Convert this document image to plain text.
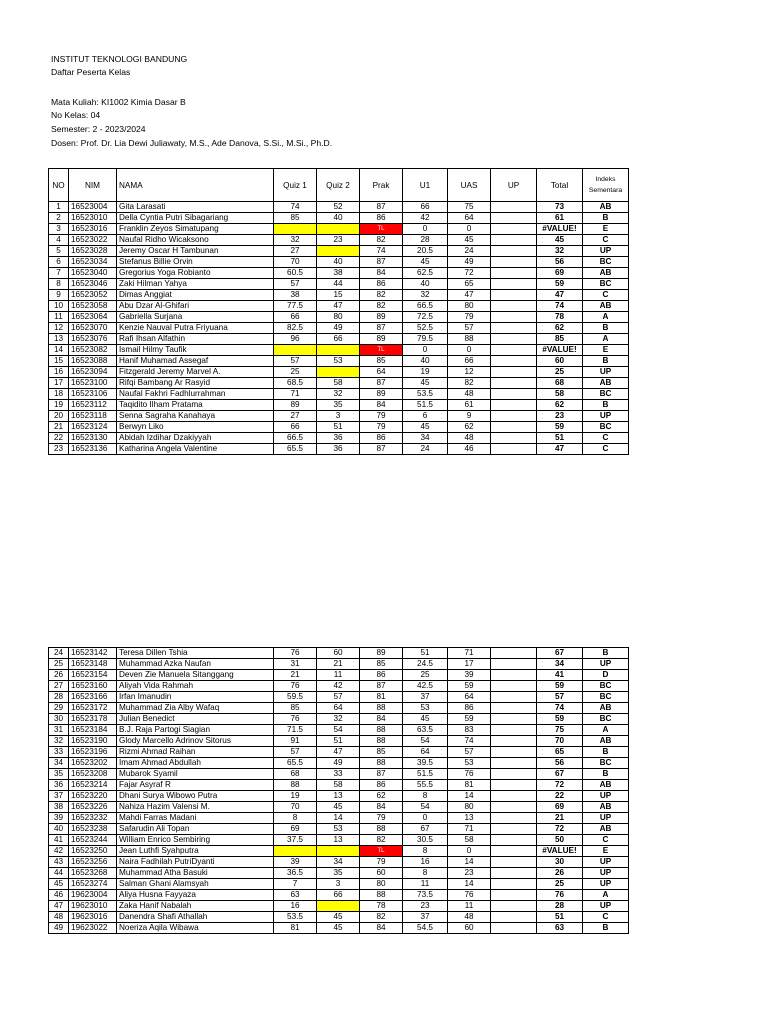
INSTITUT TEKNOLOGI BANDUNG
Daftar Peserta Kelas
Mata Kuliah: KI1002 Kimia Dasar B
No Kelas: 04
Semester: 2 - 2023/2024
Dosen: Prof. Dr. Lia Dewi Juliawaty, M.S., Ade Danova, S.Si., M.Si., Ph.D.
NO	NIM	NAMA	Quiz 1	Quiz 2	Prak	U1	UAS	UP	Total	Indeks
Sementara
1	16523004	Gita Larasati	74	52	87	66	75		73	AB
2	16523010	Della Cyntia Putri Sibagariang	85	40	86	42	64		61	B
3	16523016	Franklin Zeyos Simatupang			TL	0	0		#VALUE!	E
4	16523022	Naufal Ridho Wicaksono	32	23	82	28	45		45	C
5	16523028	Jeremy Oscar H Tambunan	27		74	20.5	24		32	UP
6	16523034	Stefanus Billie Orvin	70	40	87	45	49		56	BC
7	16523040	Gregorius Yoga Robianto	60.5	38	84	62.5	72		69	AB
8	16523046	Zaki Hilman Yahya	57	44	86	40	65		59	BC
9	16523052	Dimas Anggiat	38	15	82	32	47		47	C
10	16523058	Abu Dzar Al-Ghifari	77.5	47	82	66.5	80		74	AB
11	16523064	Gabriella Surjana	66	80	89	72.5	79		78	A
12	16523070	Kenzie Nauval Putra Friyuana	82.5	49	87	52.5	57		62	B
13	16523076	Rafi Ihsan Alfathin	96	66	89	79.5	88		85	A
14	16523082	Ismail Hilmy Taufik			TL	0	0		#VALUE!	E
15	16523088	Hanif Muhamad Assegaf	57	53	85	40	66		60	B
16	16523094	Fitzgerald Jeremy Marvel A.	25		64	19	12		25	UP
17	16523100	Rifqi Bambang Ar Rasyid	68.5	58	87	45	82		68	AB
18	16523106	Naufal Fakhri Fadhlurrahman	71	32	89	53.5	48		58	BC
19	16523112	Taqidito Ilham Pratama	89	35	84	51.5	61		62	B
20	16523118	Senna Sagraha Kanahaya	27	3	79	6	9		23	UP
21	16523124	Berwyn Liko	66	51	79	45	62		59	BC
22	16523130	Abidah Izdihar Dzakiyyah	66.5	36	86	34	48		51	C
23	16523136	Katharina Angela Valentine	65.5	36	87	24	46		47	C
24	16523142	Teresa Dillen Tshia	76	60	89	51	71		67	B
25	16523148	Muhammad Azka Naufan	31	21	85	24.5	17		34	UP
26	16523154	Deven Zie Manuela Sitanggang	21	11	86	25	39		41	D
27	16523160	Aliyah Vida Rahmah	76	42	87	42.5	59		59	BC
28	16523166	Irfan Imanudin	59.5	57	81	37	64		57	BC
29	16523172	Muhammad Zia Alby Wafaq	85	64	88	53	86		74	AB
30	16523178	Julian Benedict	76	32	84	45	59		59	BC
31	16523184	B.J. Raja Partogi Siagian	71.5	54	88	63.5	83		75	A
32	16523190	Glody Marcello Adrinov Sitorus	91	51	88	54	74		70	AB
33	16523196	Rizmi Ahmad Raihan	57	47	85	64	57		65	B
34	16523202	Imam Ahmad Abdullah	65.5	49	88	39.5	53		56	BC
35	16523208	Mubarok Syamil	68	33	87	51.5	76		67	B
36	16523214	Fajar Asyraf R	88	58	86	55.5	81		72	AB
37	16523220	Dhani Surya Wibowo Putra	19	13	62	8	14		22	UP
38	16523226	Nahiza Hazim Valensi M.	70	45	84	54	80		69	AB
39	16523232	Mahdi Farras Madani	8	14	79	0	13		21	UP
40	16523238	Safarudin Ali Topan	69	53	88	67	71		72	AB
41	16523244	William Enrico Sembiring	37.5	13	82	30.5	58		50	C
42	16523250	Jean Luthfi Syahputra			TL	8	0		#VALUE!	E
43	16523256	Naira Fadhilah PutriDyanti	39	34	79	16	14		30	UP
44	16523268	Muhammad Atha Basuki	36.5	35	60	8	23		26	UP
45	16523274	Salman Ghani Alamsyah	7	3	80	11	14		25	UP
46	19623004	Aliya Husna Fayyaza	63	66	88	73.5	76		76	A
47	19623010	Zaka Hanif Nabalah	16		78	23	11		28	UP
48	19623016	Danendra Shafi Athallah	53.5	45	82	37	48		51	C
49	19623022	Noeriza Aqila Wibawa	81	45	84	54.5	60		63	B
